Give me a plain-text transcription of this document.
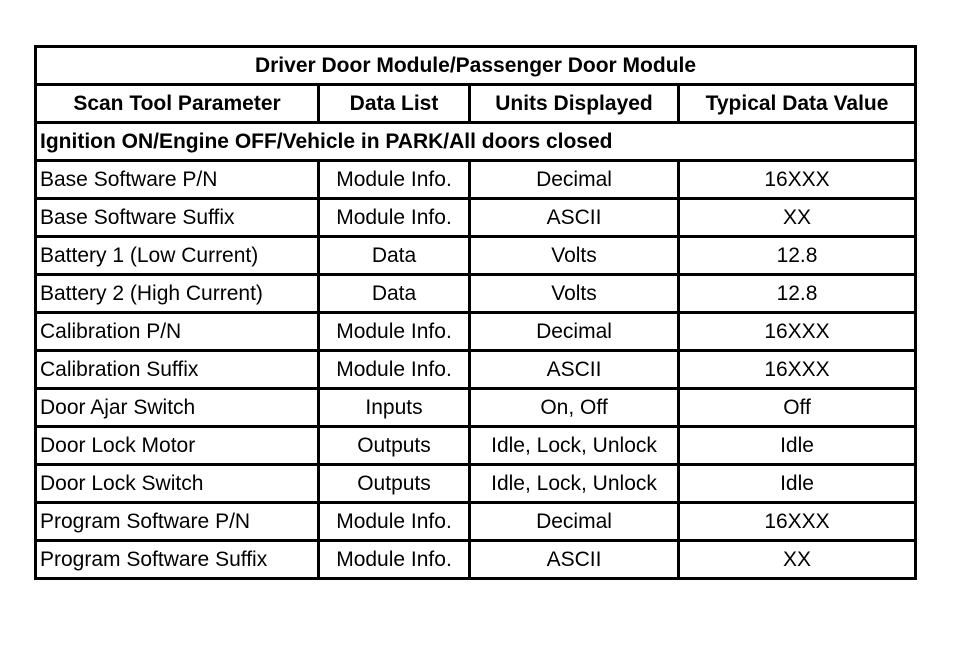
Driver Door Module/Passenger Door Module			
Scan Tool Parameter	Data List	Units Displayed	Typical Data Value
Ignition ON/Engine OFF/Vehicle in PARK/All doors closed			
Base Software P/N	Module Info.	Decimal	16XXX
Base Software Suffix	Module Info.	ASCII	XX
Battery 1 (Low Current)	Data	Volts	12.8
Battery 2 (High Current)	Data	Volts	12.8
Calibration P/N	Module Info.	Decimal	16XXX
Calibration Suffix	Module Info.	ASCII	16XXX
Door Ajar Switch	Inputs	On, Off	Off
Door Lock Motor	Outputs	Idle, Lock, Unlock	Idle
Door Lock Switch	Outputs	Idle, Lock, Unlock	Idle
Program Software P/N	Module Info.	Decimal	16XXX
Program Software Suffix	Module Info.	ASCII	XX
